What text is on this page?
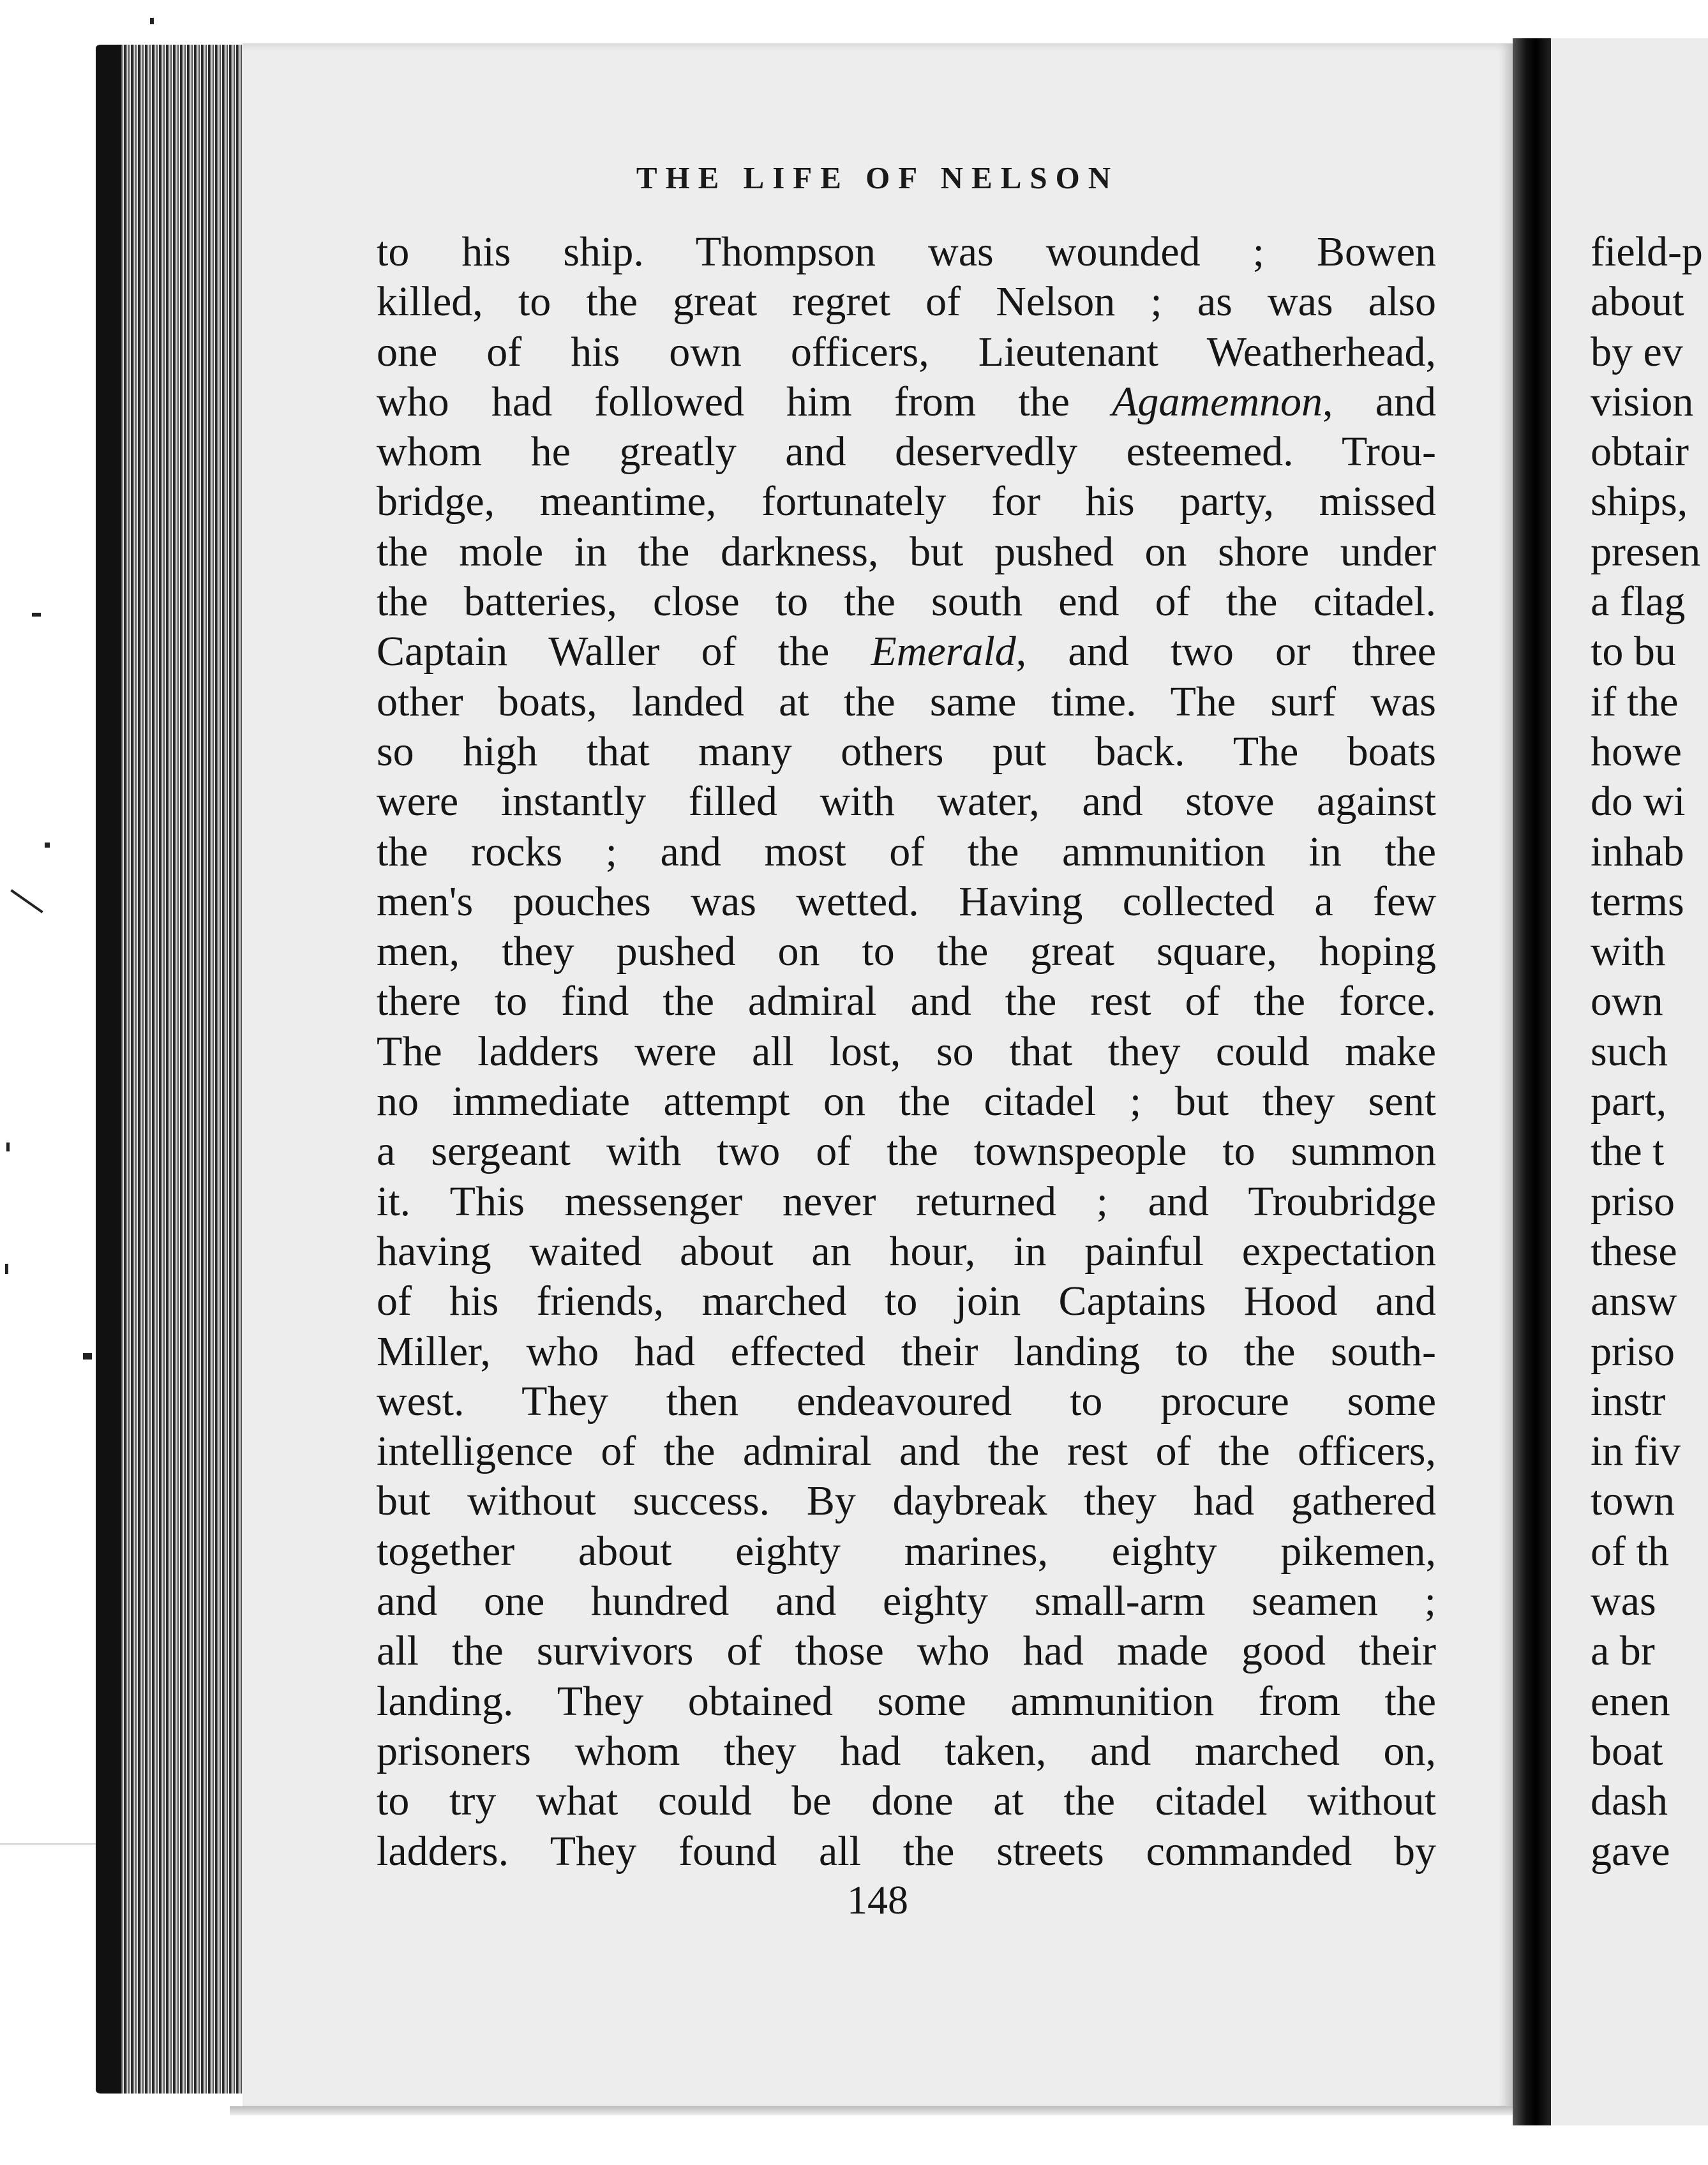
THE LIFE OF NELSON
to his ship. Thompson was wounded ; Bowen
killed, to the great regret of Nelson ; as was also
one of his own officers, Lieutenant Weatherhead,
who had followed him from the Agamemnon, and
whom he greatly and deservedly esteemed. Trou-
bridge, meantime, fortunately for his party, missed
the mole in the darkness, but pushed on shore under
the batteries, close to the south end of the citadel.
Captain Waller of the Emerald, and two or three
other boats, landed at the same time. The surf was
so high that many others put back. The boats
were instantly filled with water, and stove against
the rocks ; and most of the ammunition in the
men's pouches was wetted. Having collected a few
men, they pushed on to the great square, hoping
there to find the admiral and the rest of the force.
The ladders were all lost, so that they could make
no immediate attempt on the citadel ; but they sent
a sergeant with two of the townspeople to summon
it. This messenger never returned ; and Troubridge
having waited about an hour, in painful expectation
of his friends, marched to join Captains Hood and
Miller, who had effected their landing to the south-
west. They then endeavoured to procure some
intelligence of the admiral and the rest of the officers,
but without success. By daybreak they had gathered
together about eighty marines, eighty pikemen,
and one hundred and eighty small-arm seamen ;
all the survivors of those who had made good their
landing. They obtained some ammunition from the
prisoners whom they had taken, and marched on,
to try what could be done at the citadel without
ladders. They found all the streets commanded by
148
field-p
about
by ev
vision
obtair
ships,
presen
a flag
to bu
if the
howe
do wi
inhab
terms
with
own
such
part,
the t
priso
these
answ
priso
instr
in fiv
town
of th
was
a br
enen
boat
dash
gave
